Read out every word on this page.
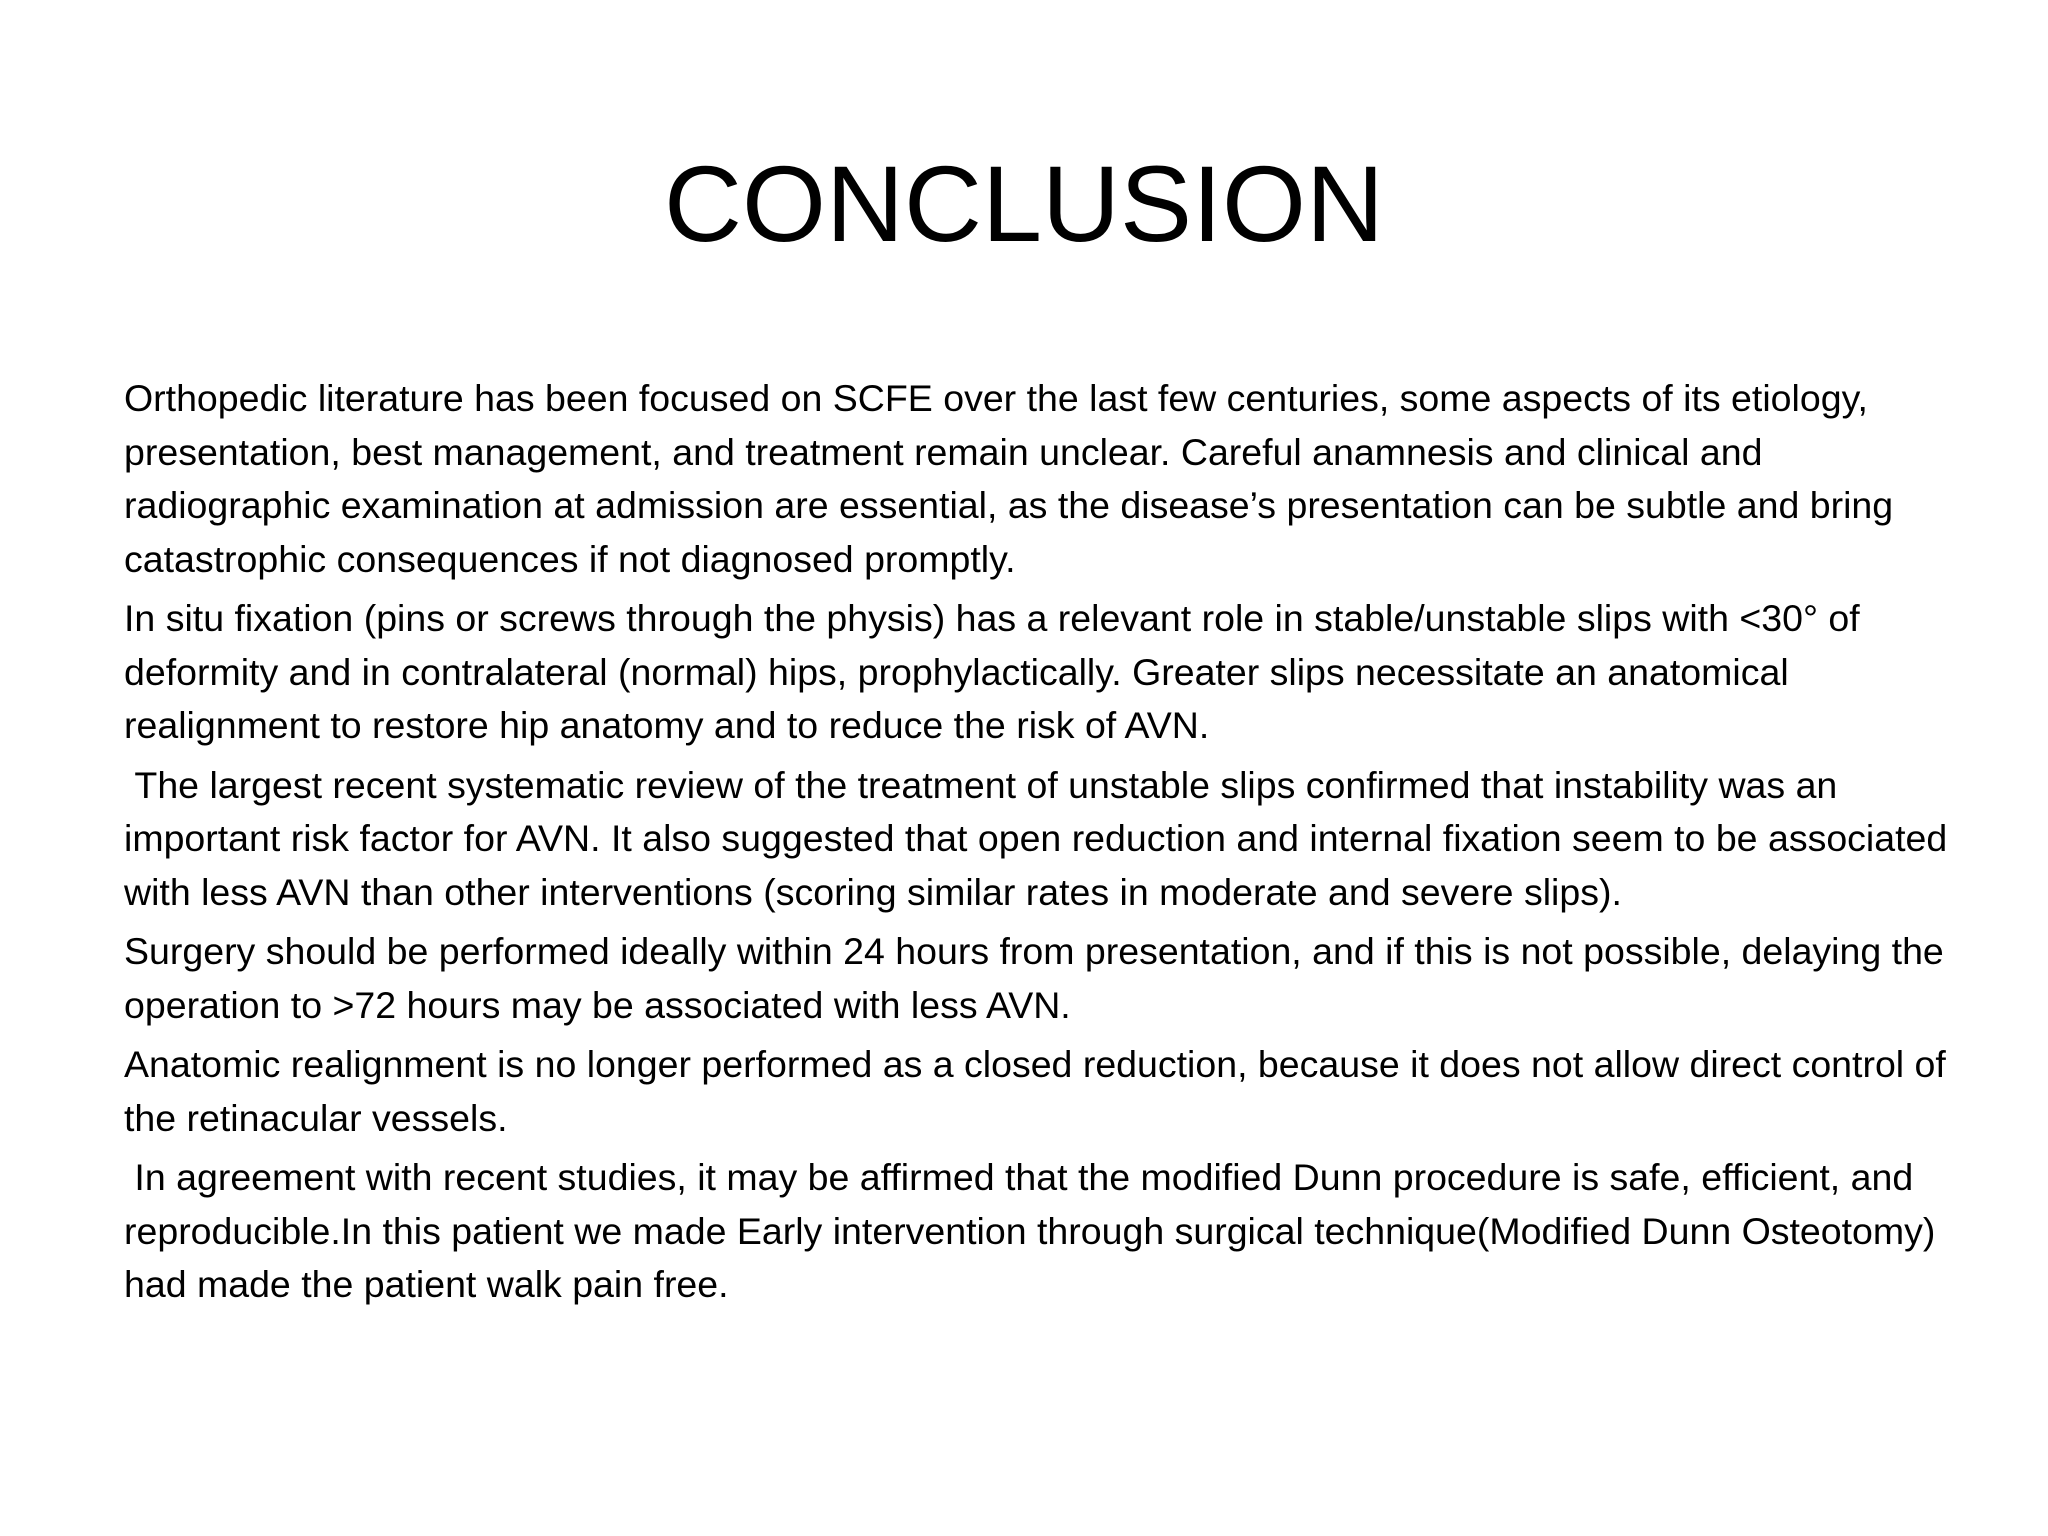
CONCLUSION

Orthopedic literature has been focused on SCFE over the last few centuries, some aspects of its etiology, presentation, best management, and treatment remain unclear. Careful anamnesis and clinical and radiographic examination at admission are essential, as the disease’s presentation can be subtle and bring catastrophic consequences if not diagnosed promptly.

In situ fixation (pins or screws through the physis) has a relevant role in stable/unstable slips with <30° of deformity and in contralateral (normal) hips, prophylactically. Greater slips necessitate an anatomical realignment to restore hip anatomy and to reduce the risk of AVN.

The largest recent systematic review of the treatment of unstable slips confirmed that instability was an important risk factor for AVN. It also suggested that open reduction and internal fixation seem to be associated with less AVN than other interventions (scoring similar rates in moderate and severe slips).

Surgery should be performed ideally within 24 hours from presentation, and if this is not possible, delaying the operation to >72 hours may be associated with less AVN.

Anatomic realignment is no longer performed as a closed reduction, because it does not allow direct control of the retinacular vessels.

In agreement with recent studies, it may be affirmed that the modified Dunn procedure is safe, efficient, and reproducible.In this patient we made Early intervention through surgical technique(Modified Dunn Osteotomy) had made the patient walk pain free.
